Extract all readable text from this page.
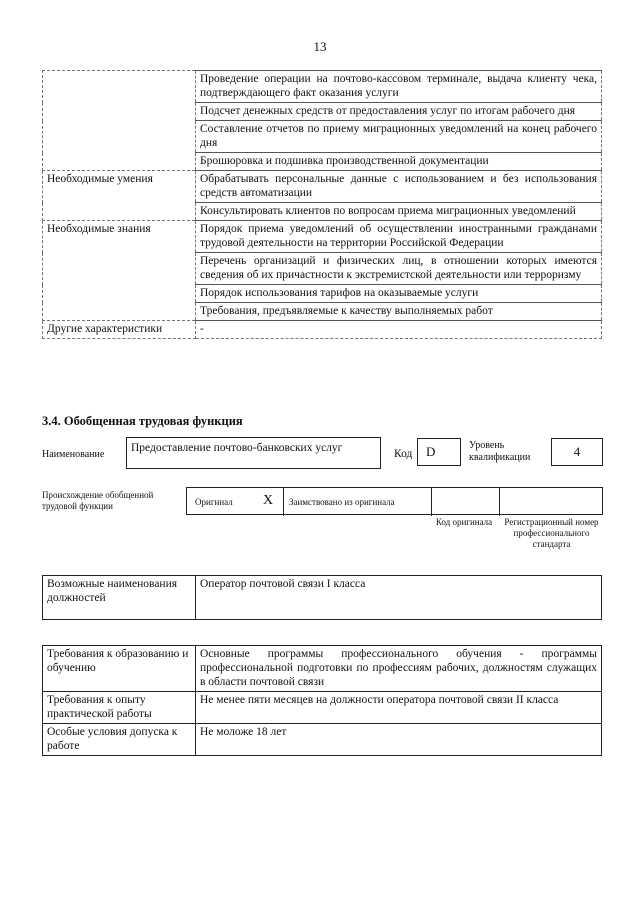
13
	Проведение операции на почтово-кассовом терминале, выдача клиенту чека, подтверждающего факт оказания услуги
	Подсчет денежных средств от предоставления услуг по итогам рабочего дня
	Составление отчетов по приему миграционных уведомлений на конец рабочего дня
	Брошюровка и подшивка производственной документации
Необходимые умения	Обрабатывать персональные данные с использованием и без использования средств автоматизации
	Консультировать клиентов по вопросам приема миграционных уведомлений
Необходимые знания	Порядок приема уведомлений об осуществлении иностранными гражданами трудовой деятельности на территории Российской Федерации
	Перечень организаций и физических лиц, в отношении которых имеются сведения об их причастности к экстремистской деятельности или терроризму
	Порядок использования тарифов на оказываемые услуги
	Требования, предъявляемые к качеству выполняемых работ
Другие характеристики	-
3.4. Обобщенная трудовая функция
Наименование
Предоставление почтово-банковских услуг	Код	D	Уровень квалификации	4
Происхождение обобщенной трудовой функции	Оригинал X Заимствовано из оригинала
Код оригинала	Регистрационный номер профессионального стандарта
Возможные наименования должностей	Оператор почтовой связи I класса
Требования к образованию и обучению	Основные программы профессионального обучения - программы профессиональной подготовки по профессиям рабочих, должностям служащих в области почтовой связи
Требования к опыту практической работы	Не менее пяти месяцев на должности оператора почтовой связи II класса
Особые условия допуска к работе	Не моложе 18 лет
